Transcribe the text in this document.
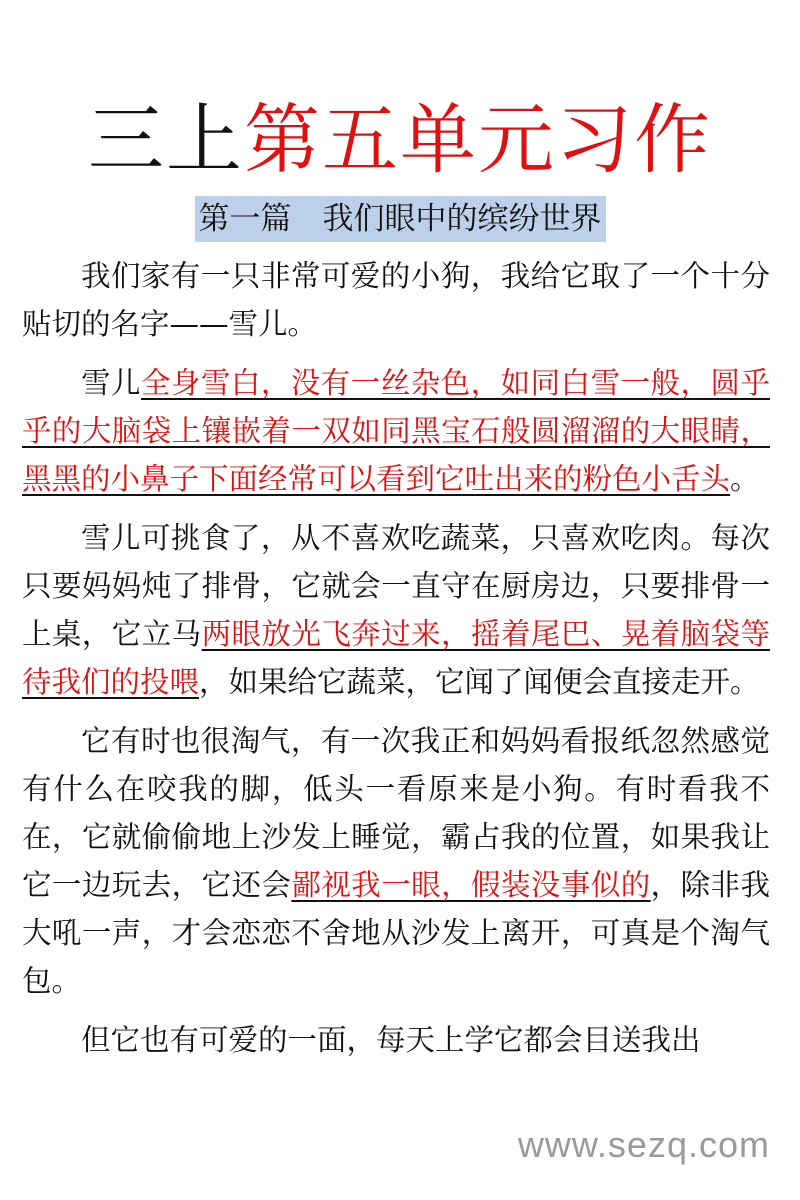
三上第五单元习作
第一篇　我们眼中的缤纷世界

我们家有一只非常可爱的小狗，我给它取了一个十分贴切的名字——雪儿。

雪儿全身雪白，没有一丝杂色，如同白雪一般，圆乎乎的大脑袋上镶嵌着一双如同黑宝石般圆溜溜的大眼睛，黑黑的小鼻子下面经常可以看到它吐出来的粉色小舌头。

雪儿可挑食了，从不喜欢吃蔬菜，只喜欢吃肉。每次只要妈妈炖了排骨，它就会一直守在厨房边，只要排骨一上桌，它立马两眼放光飞奔过来，摇着尾巴、晃着脑袋等待我们的投喂，如果给它蔬菜，它闻了闻便会直接走开。

它有时也很淘气，有一次我正和妈妈看报纸忽然感觉有什么在咬我的脚，低头一看原来是小狗。有时看我不在，它就偷偷地上沙发上睡觉，霸占我的位置，如果我让它一边玩去，它还会鄙视我一眼，假装没事似的，除非我大吼一声，才会恋恋不舍地从沙发上离开，可真是个淘气包。

但它也有可爱的一面，每天上学它都会目送我出

www.sezq.com
